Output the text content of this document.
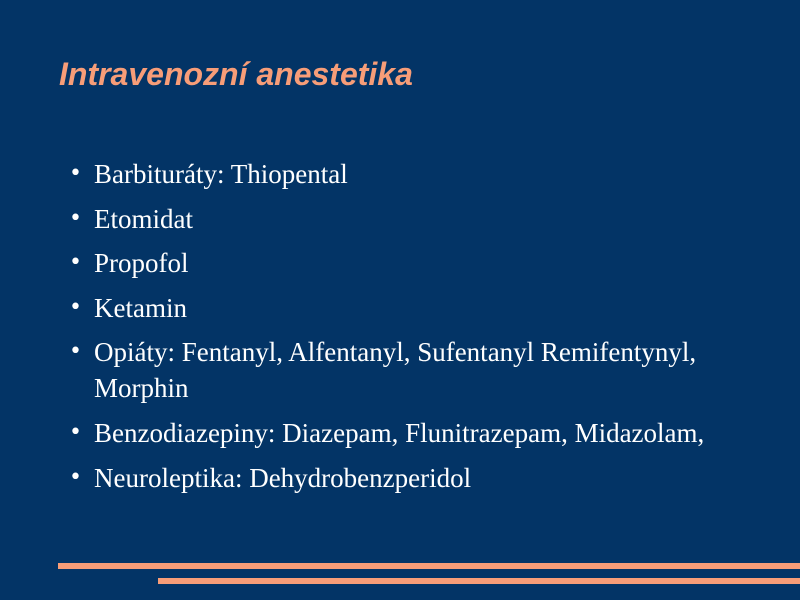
Intravenozní anestetika
• Barbituráty: Thiopental
• Etomidat
• Propofol
• Ketamin
• Opiáty: Fentanyl, Alfentanyl, Sufentanyl Remifentynyl, Morphin
• Benzodiazepiny: Diazepam, Flunitrazepam, Midazolam,
• Neuroleptika: Dehydrobenzperidol
